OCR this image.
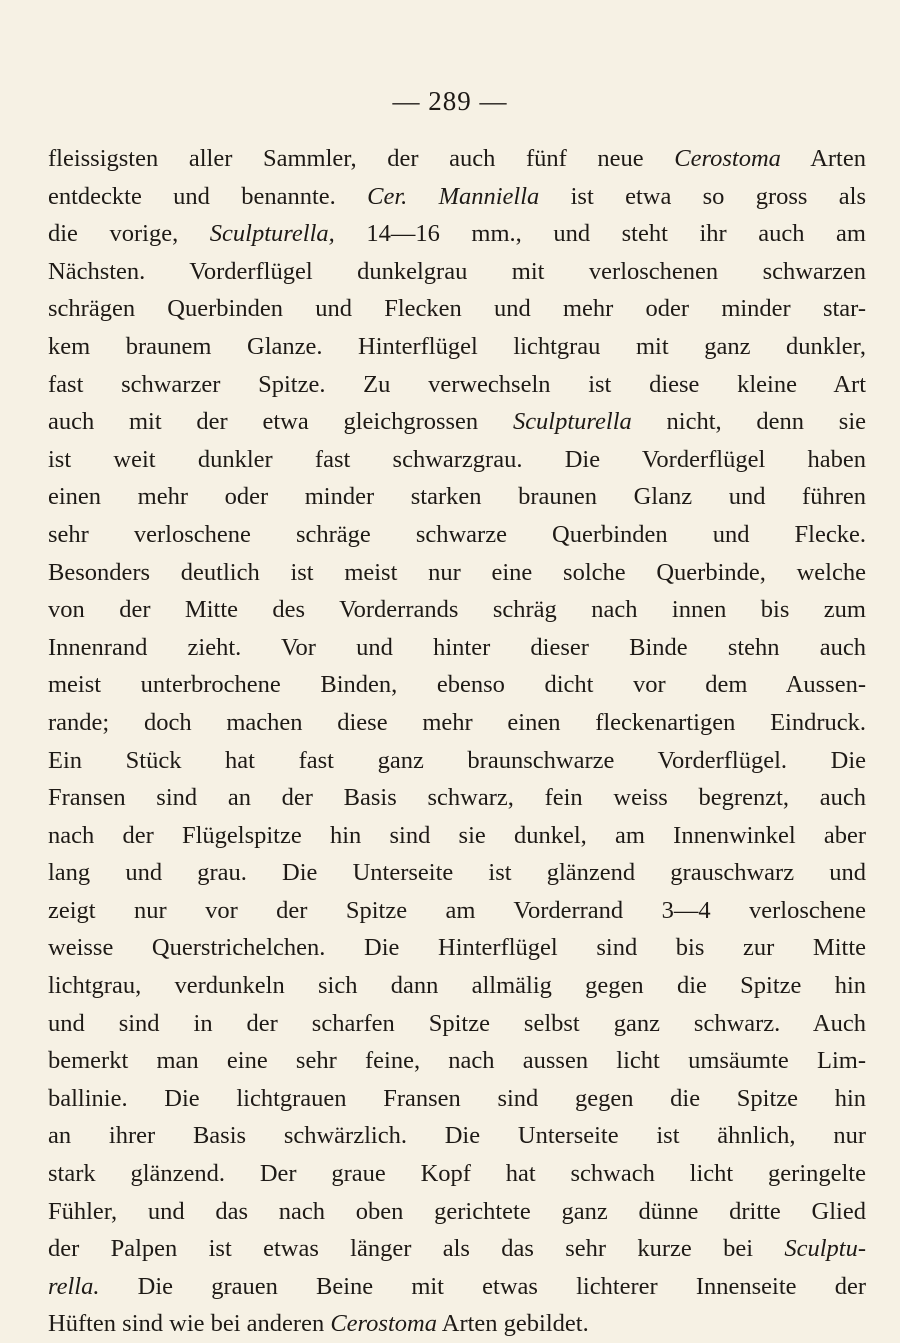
— 289 —
fleissigsten aller Sammler, der auch fünf neue Cerostoma Arten
entdeckte und benannte. Cer. Manniella ist etwa so gross als
die vorige, Sculpturella, 14—16 mm., und steht ihr auch am
Nächsten. Vorderflügel dunkelgrau mit verloschenen schwarzen
schrägen Querbinden und Flecken und mehr oder minder star-
kem braunem Glanze. Hinterflügel lichtgrau mit ganz dunkler,
fast schwarzer Spitze. Zu verwechseln ist diese kleine Art
auch mit der etwa gleichgrossen Sculpturella nicht, denn sie
ist weit dunkler fast schwarzgrau. Die Vorderflügel haben
einen mehr oder minder starken braunen Glanz und führen
sehr verloschene schräge schwarze Querbinden und Flecke.
Besonders deutlich ist meist nur eine solche Querbinde, welche
von der Mitte des Vorderrands schräg nach innen bis zum
Innenrand zieht. Vor und hinter dieser Binde stehn auch
meist unterbrochene Binden, ebenso dicht vor dem Aussen-
rande; doch machen diese mehr einen fleckenartigen Eindruck.
Ein Stück hat fast ganz braunschwarze Vorderflügel. Die
Fransen sind an der Basis schwarz, fein weiss begrenzt, auch
nach der Flügelspitze hin sind sie dunkel, am Innenwinkel aber
lang und grau. Die Unterseite ist glänzend grauschwarz und
zeigt nur vor der Spitze am Vorderrand 3—4 verloschene
weisse Querstrichelchen. Die Hinterflügel sind bis zur Mitte
lichtgrau, verdunkeln sich dann allmälig gegen die Spitze hin
und sind in der scharfen Spitze selbst ganz schwarz. Auch
bemerkt man eine sehr feine, nach aussen licht umsäumte Lim-
ballinie. Die lichtgrauen Fransen sind gegen die Spitze hin
an ihrer Basis schwärzlich. Die Unterseite ist ähnlich, nur
stark glänzend. Der graue Kopf hat schwach licht geringelte
Fühler, und das nach oben gerichtete ganz dünne dritte Glied
der Palpen ist etwas länger als das sehr kurze bei Sculptu-
rella. Die grauen Beine mit etwas lichterer Innenseite der
Hüften sind wie bei anderen Cerostoma Arten gebildet.
